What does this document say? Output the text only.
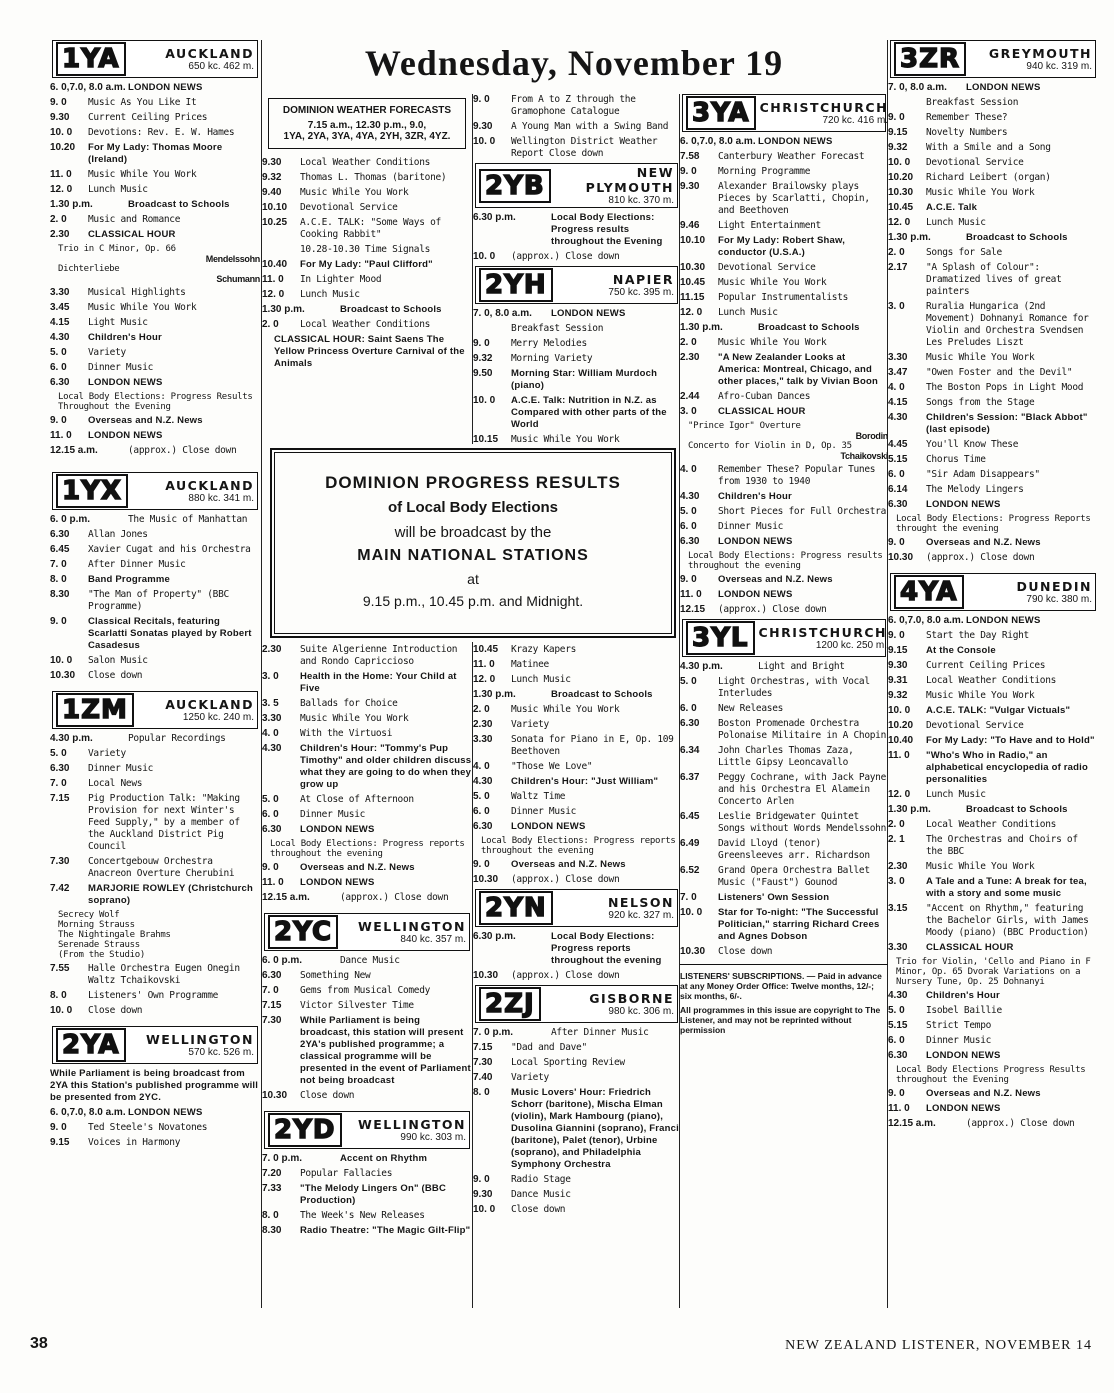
Wednesday, November 19
1YA	AUCKLAND
650 kc. 462 m.
6. 0,7.0, 8.0 a.m. LONDON NEWS
9. 0	Music As You Like It
9.30	Current Ceiling Prices
10. 0	Devotions: Rev. E. W. Hames
10.20	For My Lady: Thomas Moore (Ireland)
11. 0	Music While You Work
12. 0	Lunch Music
1.30 p.m.	Broadcast to Schools
2. 0	Music and Romance
2.30	CLASSICAL HOUR
Trio in C Minor, Op. 66
Mendelssohn
Dichterliebe
Schumann
3.30	Musical Highlights
3.45	Music While You Work
4.15	Light Music
4.30	Children's Hour
5. 0	Variety
6. 0	Dinner Music
6.30	LONDON NEWS
Local Body Elections: Progress Results Throughout the Evening
9. 0	Overseas and N.Z. News
11. 0	LONDON NEWS
12.15 a.m.	(approx.) Close down
1YX	AUCKLAND
880 kc. 341 m.
6. 0 p.m.	The Music of Manhattan
6.30	Allan Jones
6.45	Xavier Cugat and his Orchestra
7. 0	After Dinner Music
8. 0	Band Programme
8.30	"The Man of Property" (BBC Programme)
9. 0	Classical Recitals, featuring Scarlatti Sonatas played by Robert Casadesus
10. 0	Salon Music
10.30	Close down
1ZM	AUCKLAND
1250 kc. 240 m.
4.30 p.m.	Popular Recordings
5. 0	Variety
6.30	Dinner Music
7. 0	Local News
7.15	Pig Production Talk: "Making Provision for next Winter's Feed Supply," by a member of the Auckland District Pig Council
7.30	Concertgebouw Orchestra Anacreon Overture Cherubini
7.42	MARJORIE ROWLEY (Christchurch soprano)
Secrecy Wolf
Morning Strauss
The Nightingale Brahms
Serenade Strauss
(From the Studio)
7.55	Halle Orchestra Eugen Onegin Waltz Tchaikovski
8. 0	Listeners' Own Programme
10. 0	Close down
2YA	WELLINGTON
570 kc. 526 m.
While Parliament is being broadcast from 2YA this Station's published programme will be presented from 2YC.
6. 0,7.0, 8.0 a.m. LONDON NEWS
9. 0	Ted Steele's Novatones
9.15	Voices in Harmony
DOMINION WEATHER FORECASTS
7.15 a.m., 12.30 p.m., 9.0,
1YA, 2YA, 3YA, 4YA, 2YH, 3ZR, 4YZ.
9.30	Local Weather Conditions
9.32	Thomas L. Thomas (baritone)
9.40	Music While You Work
10.10	Devotional Service
10.25	A.C.E. TALK: "Some Ways of Cooking Rabbit"
10.28-10.30 Time Signals
10.40	For My Lady: "Paul Clifford"
11. 0	In Lighter Mood
12. 0	Lunch Music
1.30 p.m.	Broadcast to Schools
2. 0	Local Weather Conditions
CLASSICAL HOUR: Saint Saens The Yellow Princess Overture Carnival of the Animals
2.30	Suite Algerienne Introduction and Rondo Capriccioso
3. 0	Health in the Home: Your Child at Five
3. 5	Ballads for Choice
3.30	Music While You Work
4. 0	With the Virtuosi
4.30	Children's Hour: "Tommy's Pup Timothy" and older children discuss what they are going to do when they grow up
5. 0	At Close of Afternoon
6. 0	Dinner Music
6.30	LONDON NEWS
Local Body Elections: Progress reports throughout the evening
9. 0	Overseas and N.Z. News
11. 0	LONDON NEWS
12.15 a.m.	(approx.) Close down
2YC	WELLINGTON
840 kc. 357 m.
6. 0 p.m.	Dance Music
6.30	Something New
7. 0	Gems from Musical Comedy
7.15	Victor Silvester Time
7.30	While Parliament is being broadcast, this station will present 2YA's published programme; a classical programme will be presented in the event of Parliament not being broadcast
10.30	Close down
2YD	WELLINGTON
990 kc. 303 m.
7. 0 p.m.	Accent on Rhythm
7.20	Popular Fallacies
7.33	"The Melody Lingers On" (BBC Production)
8. 0	The Week's New Releases
8.30	Radio Theatre: "The Magic Gilt-Flip"
9. 0	From A to Z through the Gramophone Catalogue
9.30	A Young Man with a Swing Band
10. 0	Wellington District Weather Report Close down
2YB	NEW PLYMOUTH
810 kc. 370 m.
6.30 p.m.	Local Body Elections: Progress results throughout the Evening
10. 0	(approx.) Close down
2YH	NAPIER
750 kc. 395 m.
7. 0, 8.0 a.m.	LONDON NEWS
Breakfast Session
9. 0	Merry Melodies
9.32	Morning Variety
9.50	Morning Star: William Murdoch (piano)
10. 0	A.C.E. Talk: Nutrition in N.Z. as Compared with other parts of the World
10.15	Music While You Work
10.45	Krazy Kapers
11. 0	Matinee
12. 0	Lunch Music
1.30 p.m.	Broadcast to Schools
2. 0	Music While You Work
2.30	Variety
3.30	Sonata for Piano in E, Op. 109 Beethoven
4. 0	"Those We Love"
4.30	Children's Hour: "Just William"
5. 0	Waltz Time
6. 0	Dinner Music
6.30	LONDON NEWS
Local Body Elections: Progress reports throughout the evening
9. 0	Overseas and N.Z. News
10.30	(approx.) Close down
2YN	NELSON
920 kc. 327 m.
6.30 p.m.	Local Body Elections: Progress reports throughout the evening
10.30	(approx.) Close down
2ZJ	GISBORNE
980 kc. 306 m.
7. 0 p.m.	After Dinner Music
7.15	"Dad and Dave"
7.30	Local Sporting Review
7.40	Variety
8. 0	Music Lovers' Hour: Friedrich Schorr (baritone), Mischa Elman (violin), Mark Hambourg (piano), Dusolina Giannini (soprano), Franci (baritone), Palet (tenor), Urbine (soprano), and Philadelphia Symphony Orchestra
9. 0	Radio Stage
9.30	Dance Music
10. 0	Close down
DOMINION PROGRESS RESULTS
of Local Body Elections
will be broadcast by the
MAIN NATIONAL STATIONS
at
9.15 p.m., 10.45 p.m. and Midnight.
3YA CHRISTCHURCH
720 kc. 416 m.
6. 0,7.0, 8.0 a.m. LONDON NEWS
7.58	Canterbury Weather Forecast
9. 0	Morning Programme
9.30	Alexander Brailowsky plays Pieces by Scarlatti, Chopin, and Beethoven
9.46	Light Entertainment
10.10	For My Lady: Robert Shaw, conductor (U.S.A.)
10.30	Devotional Service
10.45	Music While You Work
11.15	Popular Instrumentalists
12. 0	Lunch Music
1.30 p.m.	Broadcast to Schools
2. 0	Music While You Work
2.30	"A New Zealander Looks at America: Montreal, Chicago, and other places," talk by Vivian Boon
2.44	Afro-Cuban Dances
3. 0	CLASSICAL HOUR
"Prince Igor" Overture
Borodin
Concerto for Violin in D, Op. 35
Tchaikovski
4. 0	Remember These? Popular Tunes from 1930 to 1940
4.30	Children's Hour
5. 0	Short Pieces for Full Orchestra
6. 0	Dinner Music
6.30	LONDON NEWS
Local Body Elections: Progress results throughout the evening
9. 0	Overseas and N.Z. News
11. 0	LONDON NEWS
12.15	(approx.) Close down
3YL CHRISTCHURCH
1200 kc. 250 m.
4.30 p.m.	Light and Bright
5. 0	Light Orchestras, with Vocal Interludes
6. 0	New Releases
6.30	Boston Promenade Orchestra Polonaise Militaire in A Chopin
6.34	John Charles Thomas Zaza, Little Gipsy Leoncavallo
6.37	Peggy Cochrane, with Jack Payne and his Orchestra El Alamein Concerto Arlen
6.45	Leslie Bridgewater Quintet Songs without Words Mendelssohn
6.49	David Lloyd (tenor) Greensleeves arr. Richardson
6.52	Grand Opera Orchestra Ballet Music ("Faust") Gounod
7. 0	Listeners' Own Session
10. 0	Star for To-night: "The Successful Politician," starring Richard Crees and Agnes Dobson
10.30	Close down

LISTENERS' SUBSCRIPTIONS. — Paid in advance at any Money Order Office: Twelve months, 12/-; six months, 6/-.

All programmes in this issue are copyright to The Listener, and may not be reprinted without permission

3ZR	GREYMOUTH
940 kc. 319 m.
7. 0, 8.0 a.m.	LONDON NEWS
Breakfast Session
9. 0	Remember These?
9.15	Novelty Numbers
9.32	With a Smile and a Song
10. 0	Devotional Service
10.20	Richard Leibert (organ)
10.30	Music While You Work
10.45	A.C.E. Talk
12. 0	Lunch Music
1.30 p.m.	Broadcast to Schools
2. 0	Songs for Sale
2.17	"A Splash of Colour": Dramatized lives of great painters
3. 0	Ruralia Hungarica (2nd Movement) Dohnanyi Romance for Violin and Orchestra Svendsen Les Preludes Liszt
3.30	Music While You Work
3.47	"Owen Foster and the Devil"
4. 0	The Boston Pops in Light Mood
4.15	Songs from the Stage
4.30	Children's Session: "Black Abbot" (last episode)
4.45	You'll Know These
5.15	Chorus Time
6. 0	"Sir Adam Disappears"
6.14	The Melody Lingers
6.30	LONDON NEWS
Local Body Elections: Progress Reports throught the evening
9. 0	Overseas and N.Z. News
10.30	(approx.) Close down
4YA	DUNEDIN
790 kc. 380 m.
6. 0,7.0, 8.0 a.m. LONDON NEWS
9. 0	Start the Day Right
9.15	At the Console
9.30	Current Ceiling Prices
9.31	Local Weather Conditions
9.32	Music While You Work
10. 0	A.C.E. TALK: "Vulgar Victuals"
10.20	Devotional Service
10.40	For My Lady: "To Have and to Hold"
11. 0	"Who's Who in Radio," an alphabetical encyclopedia of radio personalities
12. 0	Lunch Music
1.30 p.m.	Broadcast to Schools
2. 0	Local Weather Conditions
2. 1	The Orchestras and Choirs of the BBC
2.30	Music While You Work
3. 0	A Tale and a Tune: A break for tea, with a story and some music
3.15	"Accent on Rhythm," featuring the Bachelor Girls, with James Moody (piano) (BBC Production)
3.30	CLASSICAL HOUR
Trio for Violin, 'Cello and Piano in F Minor, Op. 65 Dvorak Variations on a Nursery Tune, Op. 25 Dohnanyi
4.30	Children's Hour
5. 0	Isobel Baillie
5.15	Strict Tempo
6. 0	Dinner Music
6.30	LONDON NEWS
Local Body Elections Progress Results throughout the Evening
9. 0	Overseas and N.Z. News
11. 0	LONDON NEWS
12.15 a.m.	(approx.) Close down
38	NEW ZEALAND LISTENER, NOVEMBER 14
